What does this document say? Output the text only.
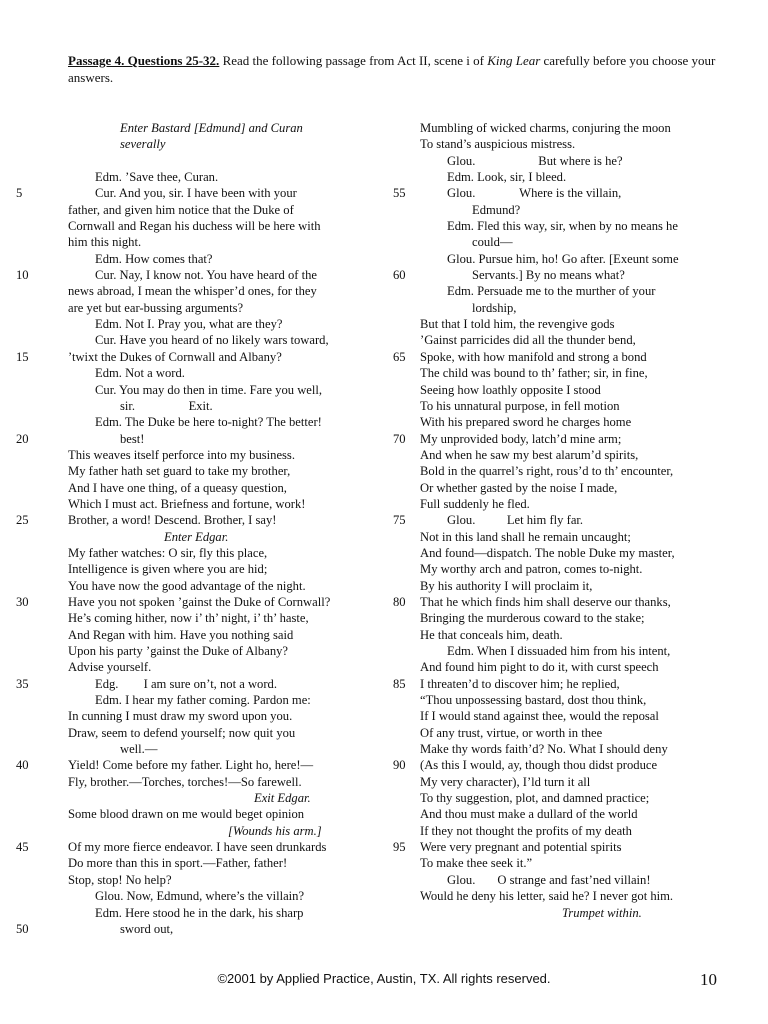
Passage 4. Questions 25-32. Read the following passage from Act II, scene i of King Lear carefully before you choose your answers.
Enter Bastard [Edmund] and Curan
severally
Edm. ’Save thee, Curan.
5	Cur. And you, sir. I have been with your
father, and given him notice that the Duke of
Cornwall and Regan his duchess will be here with
him this night.
Edm. How comes that?
10	Cur. Nay, I know not. You have heard of the
news abroad, I mean the whisper’d ones, for they
are yet but ear-bussing arguments?
Edm. Not I. Pray you, what are they?
Cur. Have you heard of no likely wars toward,
15	’twixt the Dukes of Cornwall and Albany?
Edm. Not a word.
Cur. You may do then in time. Fare you well,
sir.                 Exit.
Edm. The Duke be here to-night? The better!
20	best!
This weaves itself perforce into my business.
My father hath set guard to take my brother,
And I have one thing, of a queasy question,
Which I must act. Briefness and fortune, work!
25	Brother, a word! Descend. Brother, I say!
Enter Edgar.
My father watches: O sir, fly this place,
Intelligence is given where you are hid;
You have now the good advantage of the night.
30	Have you not spoken ’gainst the Duke of Cornwall?
He’s coming hither, now i’ th’ night, i’ th’ haste,
And Regan with him. Have you nothing said
Upon his party ’gainst the Duke of Albany?
Advise yourself.
35	Edg.        I am sure on’t, not a word.
Edm. I hear my father coming. Pardon me:
In cunning I must draw my sword upon you.
Draw, seem to defend yourself; now quit you
well.—
40	Yield! Come before my father. Light ho, here!—
Fly, brother.—Torches, torches!—So farewell.
Exit Edgar.
Some blood drawn on me would beget opinion
[Wounds his arm.]
45	Of my more fierce endeavor. I have seen drunkards
Do more than this in sport.—Father, father!
Stop, stop! No help?
Glou. Now, Edmund, where’s the villain?
Edm. Here stood he in the dark, his sharp
50	sword out,
Mumbling of wicked charms, conjuring the moon
To stand’s auspicious mistress.
Glou.                    But where is he?
Edm. Look, sir, I bleed.
55	Glou.              Where is the villain,
Edmund?
Edm. Fled this way, sir, when by no means he
could—
Glou. Pursue him, ho! Go after. [Exeunt some
60	Servants.] By no means what?
Edm. Persuade me to the murther of your
lordship,
But that I told him, the revengive gods
’Gainst parricides did all the thunder bend,
65	Spoke, with how manifold and strong a bond
The child was bound to th’ father; sir, in fine,
Seeing how loathly opposite I stood
To his unnatural purpose, in fell motion
With his prepared sword he charges home
70	My unprovided body, latch’d mine arm;
And when he saw my best alarum’d spirits,
Bold in the quarrel’s right, rous’d to th’ encounter,
Or whether gasted by the noise I made,
Full suddenly he fled.
75	Glou.          Let him fly far.
Not in this land shall he remain uncaught;
And found—dispatch. The noble Duke my master,
My worthy arch and patron, comes to-night.
By his authority I will proclaim it,
80	That he which finds him shall deserve our thanks,
Bringing the murderous coward to the stake;
He that conceals him, death.
Edm. When I dissuaded him from his intent,
And found him pight to do it, with curst speech
85	I threaten’d to discover him; he replied,
“Thou unpossessing bastard, dost thou think,
If I would stand against thee, would the reposal
Of any trust, virtue, or worth in thee
Make thy words faith’d? No. What I should deny
90	(As this I would, ay, though thou didst produce
My very character), I’ld turn it all
To thy suggestion, plot, and damned practice;
And thou must make a dullard of the world
If they not thought the profits of my death
95	Were very pregnant and potential spirits
To make thee seek it.”
Glou.       O strange and fast’ned villain!
Would he deny his letter, said he? I never got him.
Trumpet within.
©2001 by Applied Practice, Austin, TX. All rights reserved.	10
